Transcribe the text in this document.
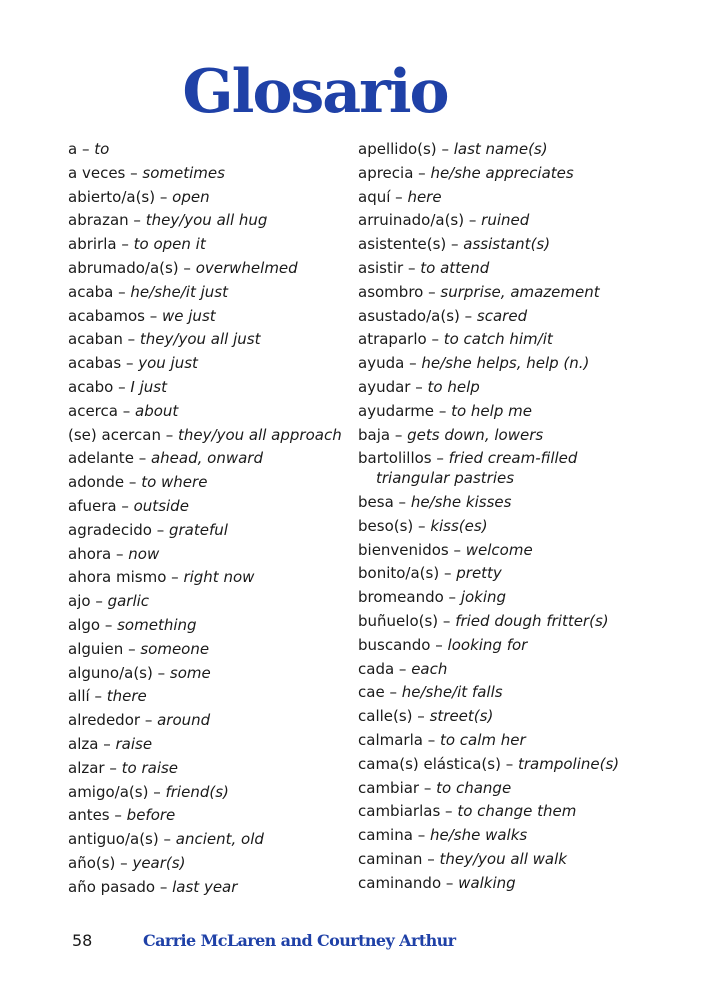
Glosario
a – to
a veces – sometimes
abierto/a(s) – open
abrazan – they/you all hug
abrirla – to open it
abrumado/a(s) – overwhelmed
acaba – he/she/it just
acabamos – we just
acaban – they/you all just
acabas – you just
acabo – I just
acerca – about
(se) acercan – they/you all approach
adelante – ahead, onward
adonde – to where
afuera – outside
agradecido – grateful
ahora – now
ahora mismo – right now
ajo – garlic
algo – something
alguien – someone
alguno/a(s) – some
allí – there
alrededor – around
alza – raise
alzar – to raise
amigo/a(s) – friend(s)
antes – before
antiguo/a(s) – ancient, old
año(s) – year(s)
año pasado – last year
apellido(s) – last name(s)
aprecia – he/she appreciates
aquí – here
arruinado/a(s) – ruined
asistente(s) – assistant(s)
asistir – to attend
asombro – surprise, amazement
asustado/a(s) – scared
atraparlo – to catch him/it
ayuda – he/she helps, help (n.)
ayudar – to help
ayudarme – to help me
baja – gets down, lowers
bartolillos – fried cream-filled
triangular pastries
besa – he/she kisses
beso(s) – kiss(es)
bienvenidos – welcome
bonito/a(s) – pretty
bromeando – joking
buñuelo(s) – fried dough fritter(s)
buscando – looking for
cada – each
cae – he/she/it falls
calle(s) – street(s)
calmarla – to calm her
cama(s) elástica(s) – trampoline(s)
cambiar – to change
cambiarlas – to change them
camina – he/she walks
caminan – they/you all walk
caminando – walking
58	Carrie McLaren and Courtney Arthur
